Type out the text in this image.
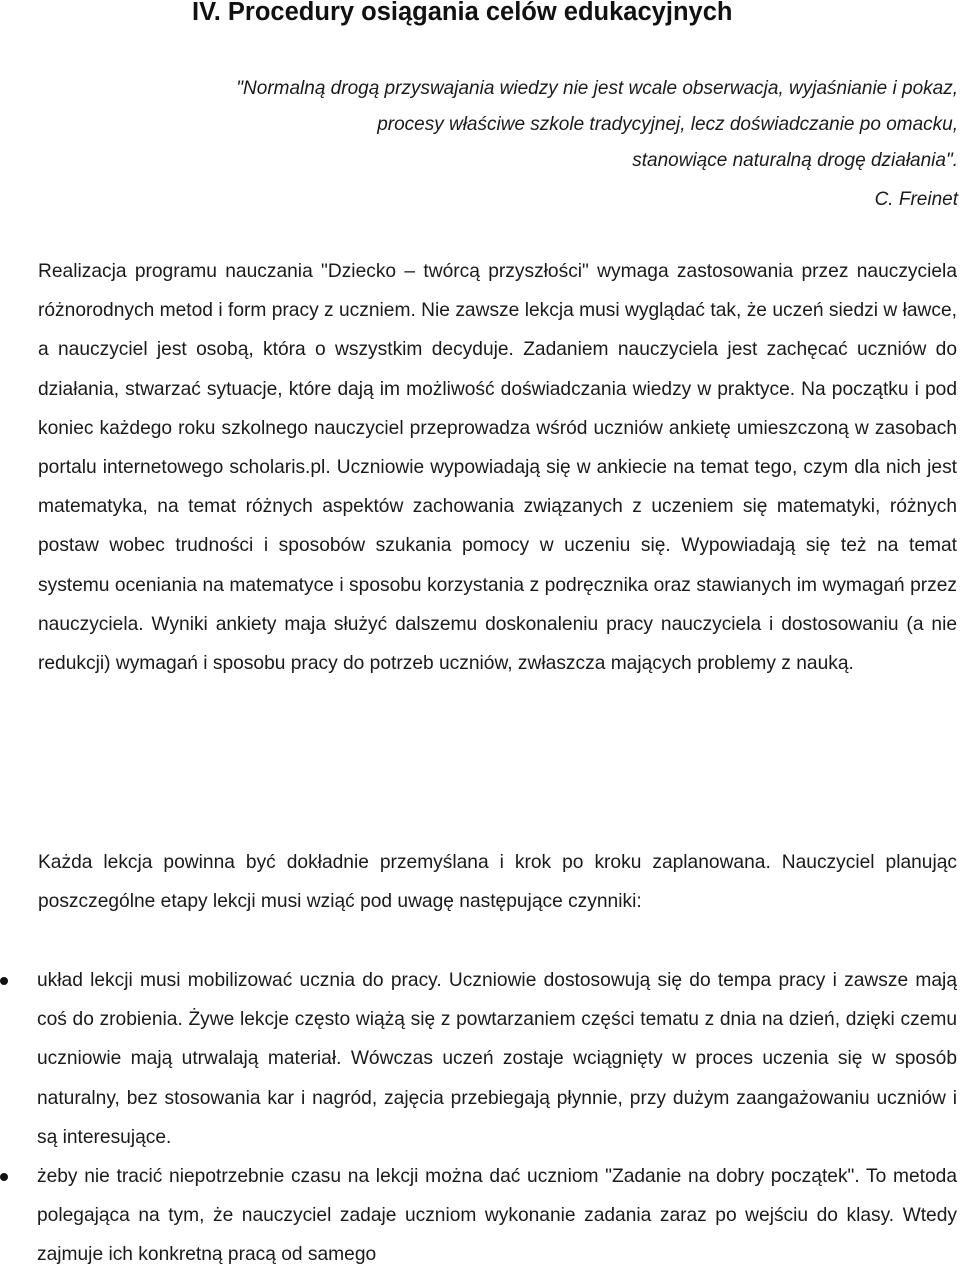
IV. Procedury osiągania celów edukacyjnych
"Normalną drogą przyswajania wiedzy nie jest wcale obserwacja, wyjaśnianie i pokaz,
procesy właściwe szkole tradycyjnej, lecz doświadczanie po omacku,
stanowiące naturalną drogę działania".
C. Freinet

Realizacja programu nauczania "Dziecko – twórcą przyszłości" wymaga zastosowania przez nauczyciela różnorodnych metod i form pracy z uczniem. Nie zawsze lekcja musi wyglądać tak, że uczeń siedzi w ławce, a nauczyciel jest osobą, która o wszystkim decyduje. Zadaniem nauczyciela jest zachęcać uczniów do działania, stwarzać sytuacje, które dają im możliwość doświadczania wiedzy w praktyce. Na początku i pod koniec każdego roku szkolnego nauczyciel przeprowadza wśród uczniów ankietę umieszczoną w zasobach portalu internetowego scholaris.pl. Uczniowie wypowiadają się w ankiecie na temat tego, czym dla nich jest matematyka, na temat różnych aspektów zachowania związanych z uczeniem się matematyki, różnych postaw wobec trudności i sposobów szukania pomocy w uczeniu się. Wypowiadają się też na temat systemu oceniania na matematyce i sposobu korzystania z podręcznika oraz stawianych im wymagań przez nauczyciela. Wyniki ankiety maja służyć dalszemu doskonaleniu pracy nauczyciela i dostosowaniu (a nie redukcji) wymagań i sposobu pracy do potrzeb uczniów, zwłaszcza mających problemy z nauką.

Każda lekcja powinna być dokładnie przemyślana i krok po kroku zaplanowana. Nauczyciel planując poszczególne etapy lekcji musi wziąć pod uwagę następujące czynniki:

układ lekcji musi mobilizować ucznia do pracy. Uczniowie dostosowują się do tempa pracy i zawsze mają coś do zrobienia. Żywe lekcje często wiążą się z powtarzaniem części tematu z dnia na dzień, dzięki czemu uczniowie mają utrwalają materiał. Wówczas uczeń zostaje wciągnięty w proces uczenia się w sposób naturalny, bez stosowania kar i nagród, zajęcia przebiegają płynnie, przy dużym zaangażowaniu uczniów i są interesujące.
żeby nie tracić niepotrzebnie czasu na lekcji można dać uczniom "Zadanie na dobry początek". To metoda polegająca na tym, że nauczyciel zadaje uczniom wykonanie zadania zaraz po wejściu do klasy. Wtedy zajmuje ich konkretną pracą od samego
